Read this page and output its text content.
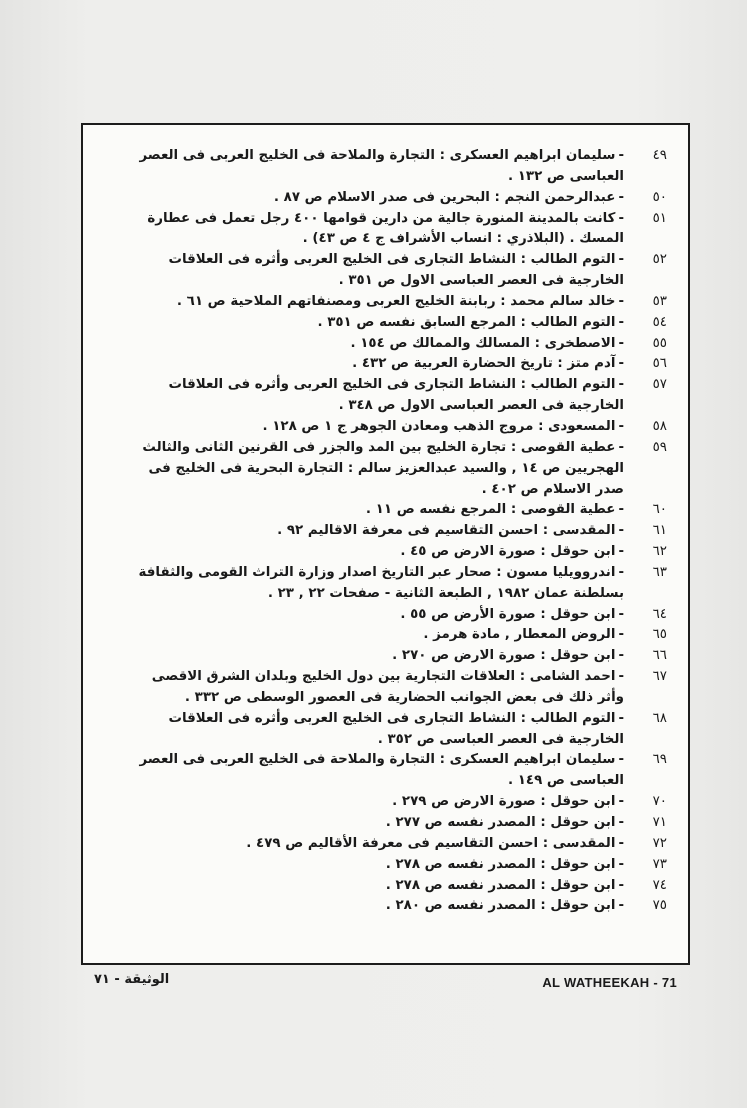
٤٩
-سليمان ابراهيم العسكرى : التجارة والملاحة فى الخليج العربى فى العصر العباسى ص ١٣٢ .
٥٠
-عبدالرحمن النجم : البحرين فى صدر الاسلام ص ٨٧ .
٥١
-كانت بالمدينة المنورة جالية من دارين قوامها ٤٠٠ رجل تعمل فى عطارة المسك . (البلاذري : انساب الأشراف ج ٤ ص ٤٣) .
٥٢
-التوم الطالب : النشاط التجارى فى الخليج العربى وأثره فى العلاقات الخارجية فى العصر العباسى الاول ص ٣٥١ .
٥٣
-خالد سالم محمد : ربابنة الخليج العربى ومصنفاتهم الملاحية ص ٦١ .
٥٤
-التوم الطالب : المرجع السابق نفسه ص ٣٥١ .
٥٥
-الاصطخرى : المسالك والممالك ص ١٥٤ .
٥٦
-آدم متز : تاريخ الحضارة العربية ص ٤٣٢ .
٥٧
-التوم الطالب : النشاط التجارى فى الخليج العربى وأثره فى العلاقات الخارجية فى العصر العباسى الاول ص ٣٤٨ .
٥٨
-المسعودى : مروج الذهب ومعادن الجوهر ج ١ ص ١٢٨ .
٥٩
-عطية القوصى : تجارة الخليج بين المد والجزر فى القرنين الثانى والثالث الهجريين ص ١٤ , والسيد عبدالعزيز سالم : التجارة البحرية فى الخليج فى صدر الاسلام ص ٤٠٢ .
٦٠
-عطية القوصى : المرجع نفسه ص ١١ .
٦١
-المقدسى : احسن التقاسيم فى معرفة الاقاليم ٩٢ .
٦٢
-ابن حوقل : صورة الارض ص ٤٥ .
٦٣
-اندروويليا مسون : صحار عبر التاريخ اصدار وزارة التراث القومى والثقافة بسلطنة عمان ١٩٨٢ , الطبعة الثانية - صفحات ٢٢ , ٢٣ .
٦٤
-ابن حوقل : صورة الأرض ص ٥٥ .
٦٥
-الروض المعطار , مادة هرمز .
٦٦
-ابن حوقل : صورة الارض ص ٢٧٠ .
٦٧
-احمد الشامى : العلاقات التجارية بين دول الخليج وبلدان الشرق الاقصى وأثر ذلك فى بعض الجوانب الحضارية فى العصور الوسطى ص ٣٣٢ .
٦٨
-التوم الطالب : النشاط التجارى فى الخليج العربى وأثره فى العلاقات الخارجية فى العصر العباسى ص ٣٥٢ .
٦٩
-سليمان ابراهيم العسكرى : التجارة والملاحة فى الخليج العربى فى العصر العباسى ص ١٤٩ .
٧٠
-ابن حوقل : صورة الارض ص ٢٧٩ .
٧١
-ابن حوقل : المصدر نفسه ص ٢٧٧ .
٧٢
-المقدسى : احسن التقاسيم فى معرفة الأقاليم ص ٤٧٩ .
٧٣
-ابن حوقل : المصدر نفسه ص ٢٧٨ .
٧٤
-ابن حوقل : المصدر نفسه ص ٢٧٨ .
٧٥
-ابن حوقل : المصدر نفسه ص ٢٨٠ .
الوثيقة - ٧١	AL WATHEEKAH - 71
